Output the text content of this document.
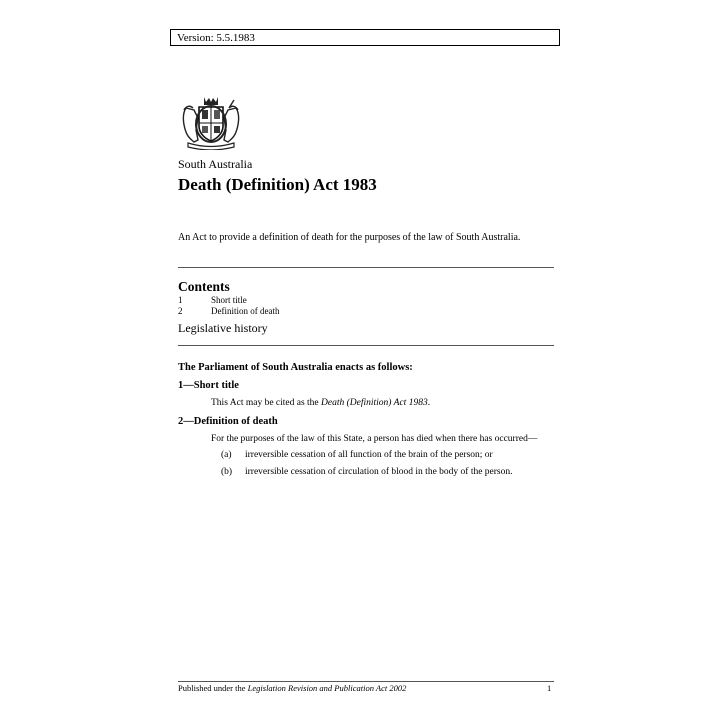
Version: 5.5.1983
South Australia
Death (Definition) Act 1983
An Act to provide a definition of death for the purposes of the law of South Australia.
Contents
1	Short title
2	Definition of death
Legislative history
The Parliament of South Australia enacts as follows:
1—Short title
This Act may be cited as the Death (Definition) Act 1983.
2—Definition of death
For the purposes of the law of this State, a person has died when there has occurred—
(a)	irreversible cessation of all function of the brain of the person; or
(b)	irreversible cessation of circulation of blood in the body of the person.
Published under the Legislation Revision and Publication Act 2002	1
